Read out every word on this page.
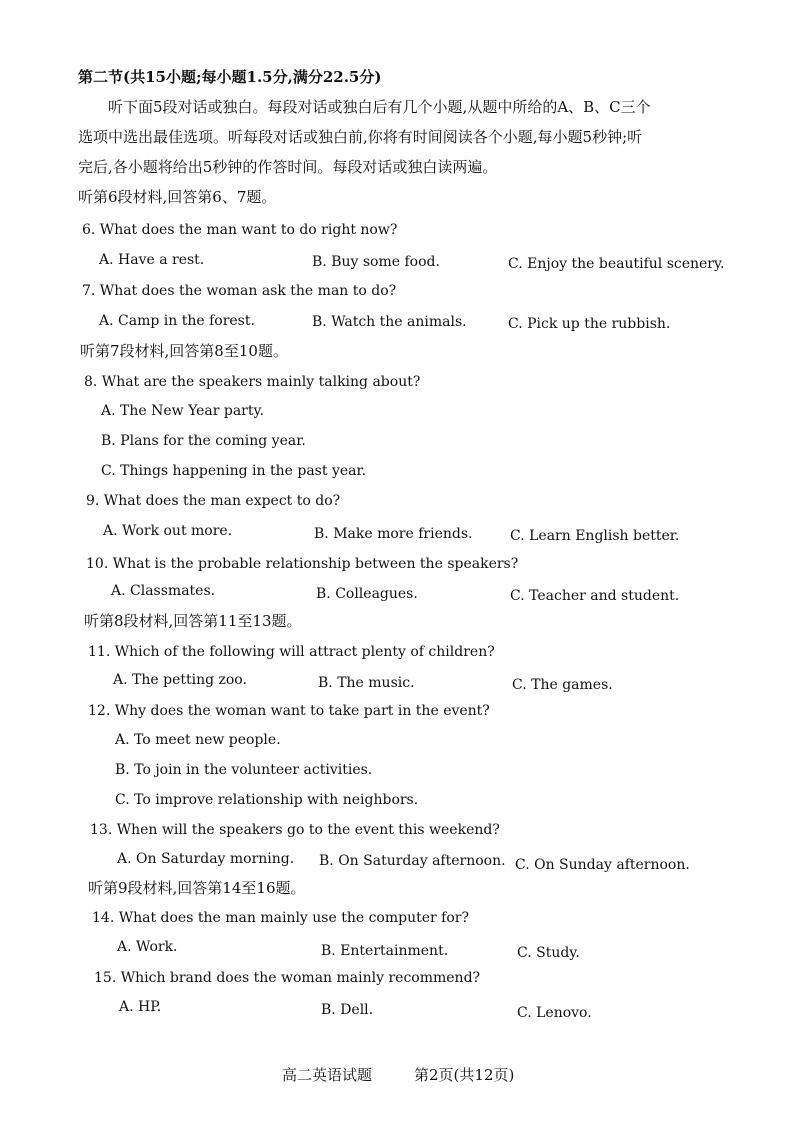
第二节(共15小题;每小题1.5分,满分22.5分)
听下面5段对话或独白。每段对话或独白后有几个小题,从题中所给的A、B、C三个
选项中选出最佳选项。听每段对话或独白前,你将有时间阅读各个小题,每小题5秒钟;听
完后,各小题将给出5秒钟的作答时间。每段对话或独白读两遍。
听第6段材料,回答第6、7题。
6. What does the man want to do right now?
A. Have a rest.	B. Buy some food.	C. Enjoy the beautiful scenery.
7. What does the woman ask the man to do?
A. Camp in the forest.	B. Watch the animals.	C. Pick up the rubbish.
听第7段材料,回答第8至10题。
8. What are the speakers mainly talking about?
A. The New Year party.
B. Plans for the coming year.
C. Things happening in the past year.
9. What does the man expect to do?
A. Work out more.	B. Make more friends.	C. Learn English better.
10. What is the probable relationship between the speakers?
A. Classmates.	B. Colleagues.	C. Teacher and student.
听第8段材料,回答第11至13题。
11. Which of the following will attract plenty of children?
A. The petting zoo.	B. The music.	C. The games.
12. Why does the woman want to take part in the event?
A. To meet new people.
B. To join in the volunteer activities.
C. To improve relationship with neighbors.
13. When will the speakers go to the event this weekend?
A. On Saturday morning. B. On Saturday afternoon. C. On Sunday afternoon.
听第9段材料,回答第14至16题。
14. What does the man mainly use the computer for?
A. Work.	B. Entertainment.	C. Study.
15. Which brand does the woman mainly recommend?
A. HP.	B. Dell.	C. Lenovo.
高二英语试题	第2页(共12页)
